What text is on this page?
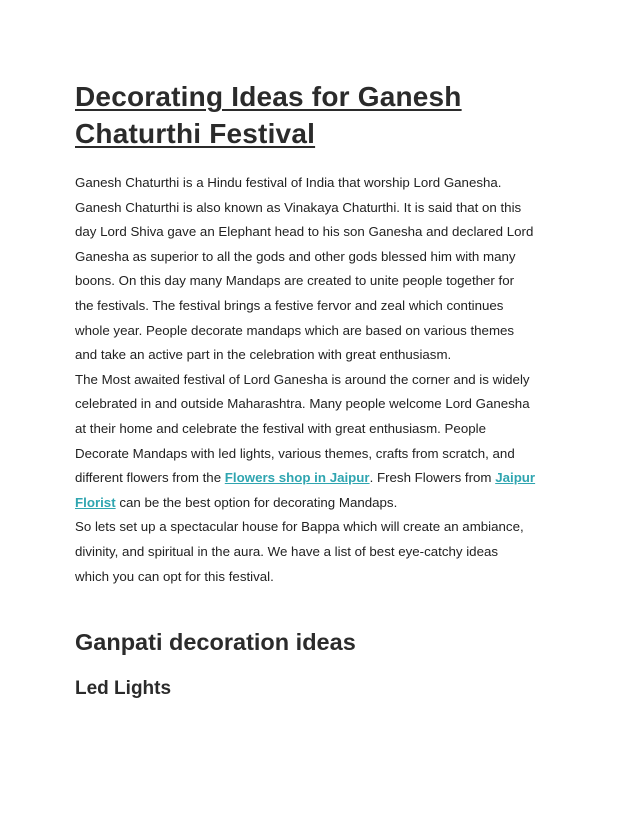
Decorating Ideas for Ganesh
Chaturthi Festival
Ganesh Chaturthi is a Hindu festival of India that worship Lord Ganesha.
Ganesh Chaturthi is also known as Vinakaya Chaturthi. It is said that on this
day Lord Shiva gave an Elephant head to his son Ganesha and declared Lord
Ganesha as superior to all the gods and other gods blessed him with many
boons. On this day many Mandaps are created to unite people together for
the festivals. The festival brings a festive fervor and zeal which continues
whole year. People decorate mandaps which are based on various themes
and take an active part in the celebration with great enthusiasm.
The Most awaited festival of Lord Ganesha is around the corner and is widely
celebrated in and outside Maharashtra. Many people welcome Lord Ganesha
at their home and celebrate the festival with great enthusiasm. People
Decorate Mandaps with led lights, various themes, crafts from scratch, and
different flowers from the Flowers shop in Jaipur. Fresh Flowers from Jaipur
Florist can be the best option for decorating Mandaps.
So lets set up a spectacular house for Bappa which will create an ambiance,
divinity, and spiritual in the aura. We have a list of best eye-catchy ideas
which you can opt for this festival.
Ganpati decoration ideas
Led Lights
